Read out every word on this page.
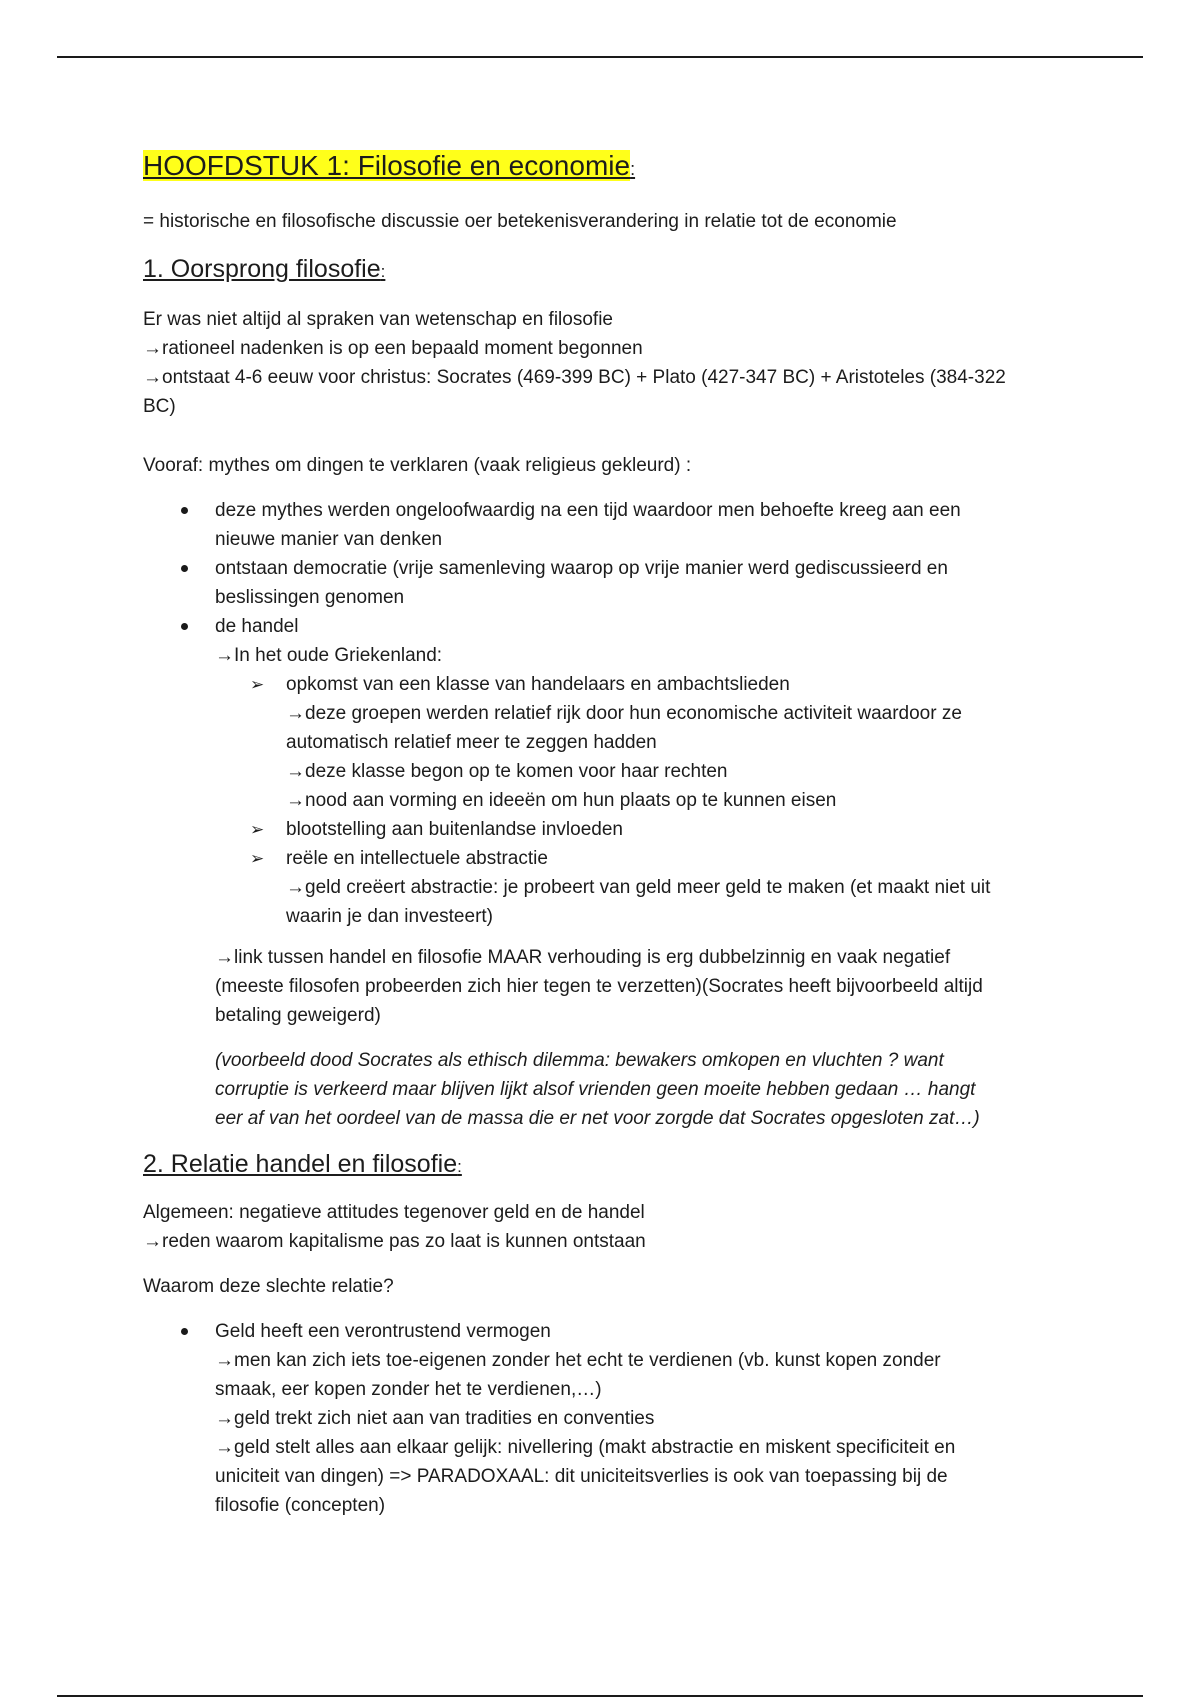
HOOFDSTUK 1: Filosofie en economie:

= historische en filosofische discussie oer betekenisverandering in relatie tot de economie

1. Oorsprong filosofie:

Er was niet altijd al spraken van wetenschap en filosofie
→rationeel nadenken is op een bepaald moment begonnen
→ontstaat 4-6 eeuw voor christus: Socrates (469-399 BC) + Plato (427-347 BC) + Aristoteles (384-322
BC)

Vooraf: mythes om dingen te verklaren (vaak religieus gekleurd) :

deze mythes werden ongeloofwaardig na een tijd waardoor men behoefte kreeg aan een
nieuwe manier van denken
ontstaan democratie (vrije samenleving waarop op vrije manier werd gediscussieerd en
beslissingen genomen
de handel
→In het oude Griekenland:
➢ opkomst van een klasse van handelaars en ambachtslieden
→deze groepen werden relatief rijk door hun economische activiteit waardoor ze
automatisch relatief meer te zeggen hadden
→deze klasse begon op te komen voor haar rechten
→nood aan vorming en ideeën om hun plaats op te kunnen eisen
➢ blootstelling aan buitenlandse invloeden
➢ reële en intellectuele abstractie
→geld creëert abstractie: je probeert van geld meer geld te maken (et maakt niet uit
waarin je dan investeert)
→link tussen handel en filosofie MAAR verhouding is erg dubbelzinnig en vaak negatief
(meeste filosofen probeerden zich hier tegen te verzetten)(Socrates heeft bijvoorbeeld altijd
betaling geweigerd)
(voorbeeld dood Socrates als ethisch dilemma: bewakers omkopen en vluchten ? want
corruptie is verkeerd maar blijven lijkt alsof vrienden geen moeite hebben gedaan … hangt
eer af van het oordeel van de massa die er net voor zorgde dat Socrates opgesloten zat…)
2. Relatie handel en filosofie:
Algemeen: negatieve attitudes tegenover geld en de handel
→reden waarom kapitalisme pas zo laat is kunnen ontstaan

Waarom deze slechte relatie?

Geld heeft een verontrustend vermogen
→men kan zich iets toe-eigenen zonder het echt te verdienen (vb. kunst kopen zonder
smaak, eer kopen zonder het te verdienen,…)
→geld trekt zich niet aan van tradities en conventies
→geld stelt alles aan elkaar gelijk: nivellering (makt abstractie en miskent specificiteit en
uniciteit van dingen) => PARADOXAAL: dit uniciteitsverlies is ook van toepassing bij de
filosofie (concepten)
